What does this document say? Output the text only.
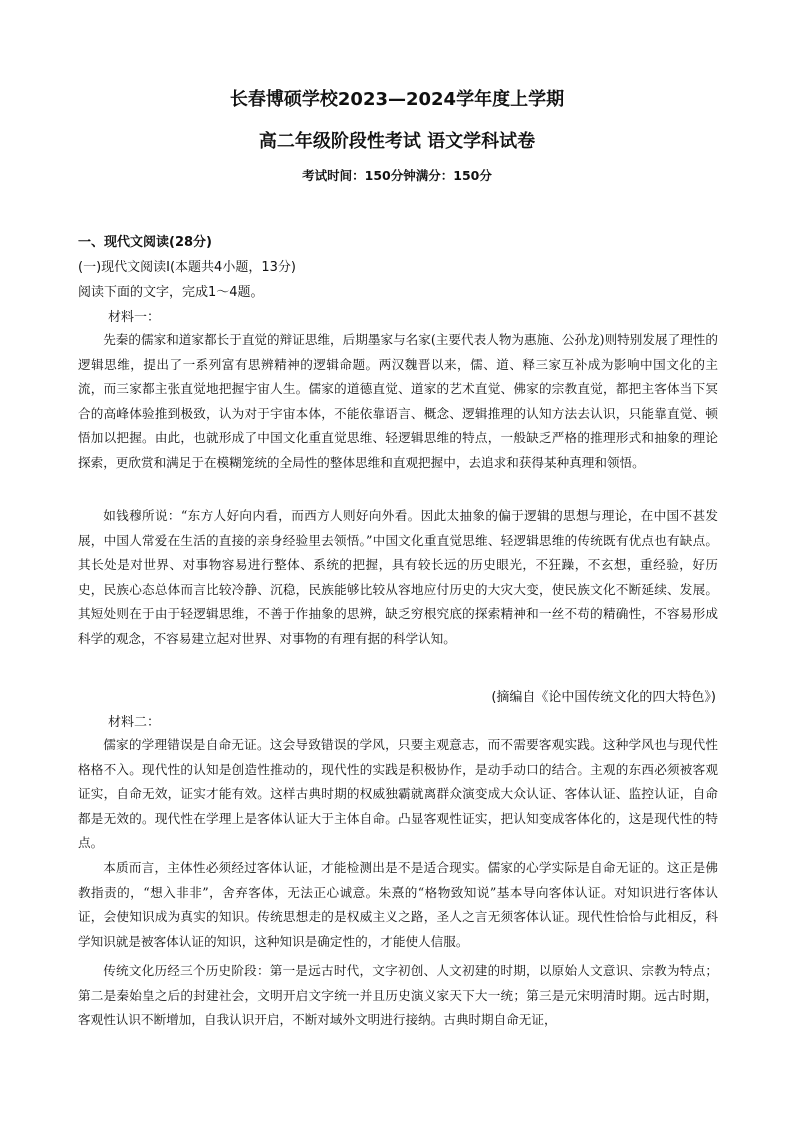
长春博硕学校2023—2024学年度上学期
高二年级阶段性考试 语文学科试卷
考试时间：150分钟满分：150分
一、现代文阅读(28分)
(一)现代文阅读Ⅰ(本题共4小题，13分)
阅读下面的文字，完成1～4题。
材料一：

先秦的儒家和道家都长于直觉的辩证思维，后期墨家与名家(主要代表人物为惠施、公孙龙)则特别发展了理性的逻辑思维，提出了一系列富有思辨精神的逻辑命题。两汉魏晋以来，儒、道、释三家互补成为影响中国文化的主流，而三家都主张直觉地把握宇宙人生。儒家的道德直觉、道家的艺术直觉、佛家的宗教直觉，都把主客体当下冥合的高峰体验推到极致，认为对于宇宙本体，不能依靠语言、概念、逻辑推理的认知方法去认识，只能靠直觉、顿悟加以把握。由此，也就形成了中国文化重直觉思维、轻逻辑思维的特点，一般缺乏严格的推理形式和抽象的理论探索，更欣赏和满足于在模糊笼统的全局性的整体思维和直观把握中，去追求和获得某种真理和领悟。

如钱穆所说：“东方人好向内看，而西方人则好向外看。因此太抽象的偏于逻辑的思想与理论，在中国不甚发展，中国人常爱在生活的直接的亲身经验里去领悟。”中国文化重直觉思维、轻逻辑思维的传统既有优点也有缺点。其长处是对世界、对事物容易进行整体、系统的把握，具有较长远的历史眼光，不狂躁，不玄想，重经验，好历史，民族心态总体而言比较冷静、沉稳，民族能够比较从容地应付历史的大灾大变，使民族文化不断延续、发展。其短处则在于由于轻逻辑思维，不善于作抽象的思辨，缺乏穷根究底的探索精神和一丝不苟的精确性，不容易形成科学的观念，不容易建立起对世界、对事物的有理有据的科学认知。

(摘编自《论中国传统文化的四大特色》)
材料二：

儒家的学理错误是自命无证。这会导致错误的学风，只要主观意志，而不需要客观实践。这种学风也与现代性格格不入。现代性的认知是创造性推动的，现代性的实践是积极协作，是动手动口的结合。主观的东西必须被客观证实，自命无效，证实才能有效。这样古典时期的权威独霸就离群众演变成大众认证、客体认证、监控认证，自命都是无效的。现代性在学理上是客体认证大于主体自命。凸显客观性证实，把认知变成客体化的，这是现代性的特点。

本质而言，主体性必须经过客体认证，才能检测出是不是适合现实。儒家的心学实际是自命无证的。这正是佛教指责的，“想入非非”，舍弃客体，无法正心诚意。朱熹的“格物致知说”基本导向客体认证。对知识进行客体认证，会使知识成为真实的知识。传统思想走的是权威主义之路，圣人之言无须客体认证。现代性恰恰与此相反，科学知识就是被客体认证的知识，这种知识是确定性的，才能使人信服。

传统文化历经三个历史阶段：第一是远古时代，文字初创、人文初建的时期，以原始人文意识、宗教为特点；第二是秦始皇之后的封建社会，文明开启文字统一并且历史演义家天下大一统；第三是元宋明清时期。远古时期，客观性认识不断增加，自我认识开启，不断对域外文明进行接纳。古典时期自命无证，
